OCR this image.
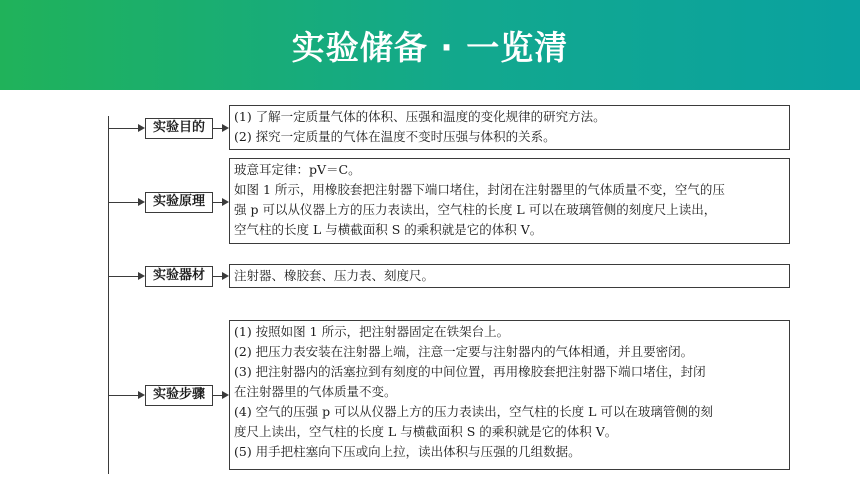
实验储备 · 一览清
实验目的
(1) 了解一定质量气体的体积、压强和温度的变化规律的研究方法。
(2) 探究一定质量的气体在温度不变时压强与体积的关系。
实验原理
玻意耳定律：pV＝C。
如图 1 所示，用橡胶套把注射器下端口堵住，封闭在注射器里的气体质量不变，空气的压
强 p 可以从仪器上方的压力表读出，空气柱的长度 L 可以在玻璃管侧的刻度尺上读出，
空气柱的长度 L 与横截面积 S 的乘积就是它的体积 V。
实验器材	注射器、橡胶套、压力表、刻度尺。
实验步骤
(1) 按照如图 1 所示，把注射器固定在铁架台上。
(2) 把压力表安装在注射器上端，注意一定要与注射器内的气体相通，并且要密闭。
(3) 把注射器内的活塞拉到有刻度的中间位置，再用橡胶套把注射器下端口堵住，封闭
在注射器里的气体质量不变。
(4) 空气的压强 p 可以从仪器上方的压力表读出，空气柱的长度 L 可以在玻璃管侧的刻
度尺上读出，空气柱的长度 L 与横截面积 S 的乘积就是它的体积 V。
(5) 用手把柱塞向下压或向上拉，读出体积与压强的几组数据。
